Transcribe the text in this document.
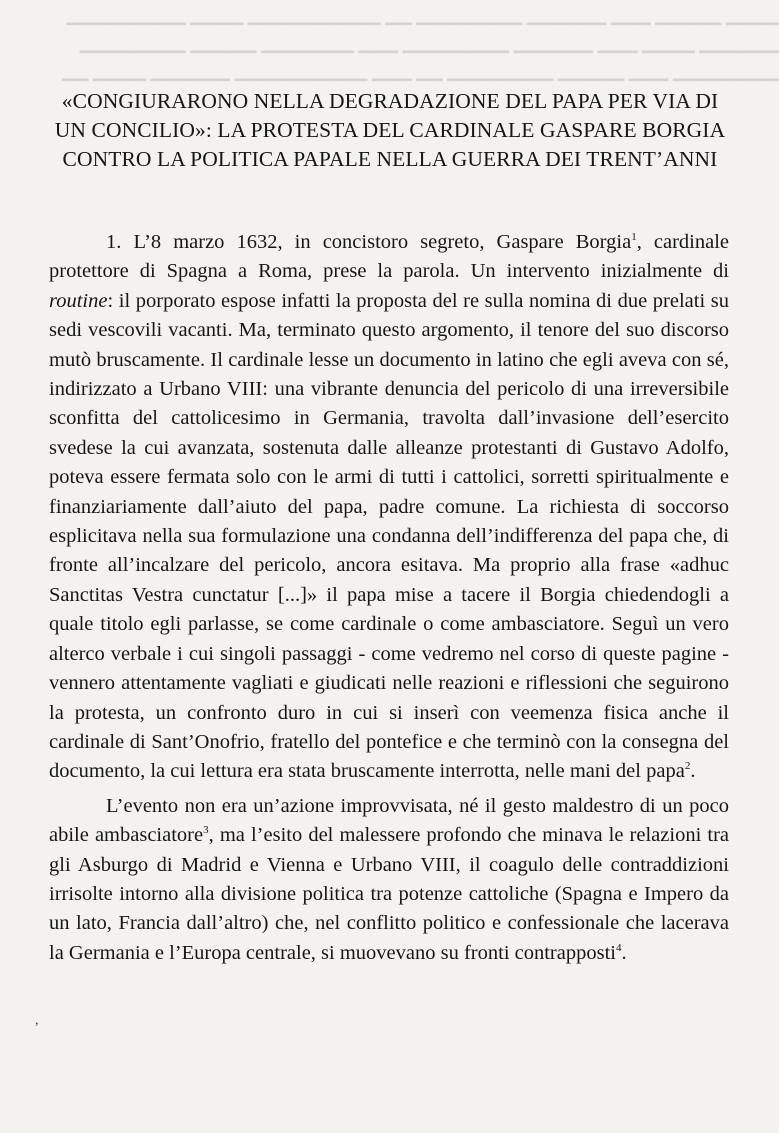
▁▁▁▁ ▁▁▁▁▁ ▁▁▁ ▁▁▁▁▁▁ ▁▁▁▁▁▁▁▁ ▁▁ ▁▁▁▁▁▁▁▁▁▁ ▁▁▁▁ ▁▁▁▁▁▁▁▁▁
▁▁▁▁▁▁ ▁▁▁▁ ▁▁▁ ▁▁▁▁▁▁ ▁▁▁▁▁▁▁▁ ▁▁▁ ▁▁▁▁▁▁▁ ▁▁▁▁▁ ▁▁▁▁▁▁▁▁
▁▁▁▁▁▁▁▁ ▁▁▁ ▁▁▁▁▁ ▁▁▁▁▁▁▁▁ ▁▁ ▁▁▁ ▁▁▁▁▁▁▁▁▁▁ ▁▁▁▁▁▁ ▁▁▁▁ ▁▁
«CONGIURARONO NELLA DEGRADAZIONE DEL PAPA PER VIA DI
UN CONCILIO»: LA PROTESTA DEL CARDINALE GASPARE BORGIA
CONTRO LA POLITICA PAPALE NELLA GUERRA DEI TRENT’ANNI

1. L’8 marzo 1632, in concistoro segreto, Gaspare Borgia$^1$, cardinale protettore di Spagna a Roma, prese la parola. Un intervento inizialmente di routine: il porporato espose infatti la proposta del re sulla nomina di due prelati su sedi vescovili vacanti. Ma, terminato questo argomento, il tenore del suo discorso mutò bruscamente. Il cardinale lesse un documento in latino che egli aveva con sé, indirizzato a Urbano VIII: una vibrante denuncia del pericolo di una irreversibile sconfitta del cattolicesimo in Germania, travolta dall’invasione dell’esercito svedese la cui avanzata, sostenuta dalle alleanze protestanti di Gustavo Adolfo, poteva essere fermata solo con le armi di tutti i cattolici, sorretti spiritualmente e finanziariamente dall’aiuto del papa, padre comune. La richiesta di soccorso esplicitava nella sua formulazione una condanna dell’indifferenza del papa che, di fronte all’incalzare del pericolo, ancora esitava. Ma proprio alla frase «adhuc Sanctitas Vestra cunctatur [...]» il papa mise a tacere il Borgia chiedendogli a quale titolo egli parlasse, se come cardinale o come ambasciatore. Seguì un vero alterco verbale i cui singoli passaggi - come vedremo nel corso di queste pagine - vennero attentamente vagliati e giudicati nelle reazioni e riflessioni che seguirono la protesta, un confronto duro in cui si inserì con veemenza fisica anche il cardinale di Sant’Onofrio, fratello del pontefice e che terminò con la consegna del documento, la cui lettura era stata bruscamente interrotta, nelle mani del papa$^2$.

L’evento non era un’azione improvvisata, né il gesto maldestro di un poco abile ambasciatore$^3$, ma l’esito del malessere profondo che minava le relazioni tra gli Asburgo di Madrid e Vienna e Urbano VIII, il coagulo delle contraddizioni irrisolte intorno alla divisione politica tra potenze cattoliche (Spagna e Impero da un lato, Francia dall’altro) che, nel conflitto politico e confessionale che lacerava la Germania e l’Europa centrale, si muovevano su fronti contrapposti$^4$.

,
